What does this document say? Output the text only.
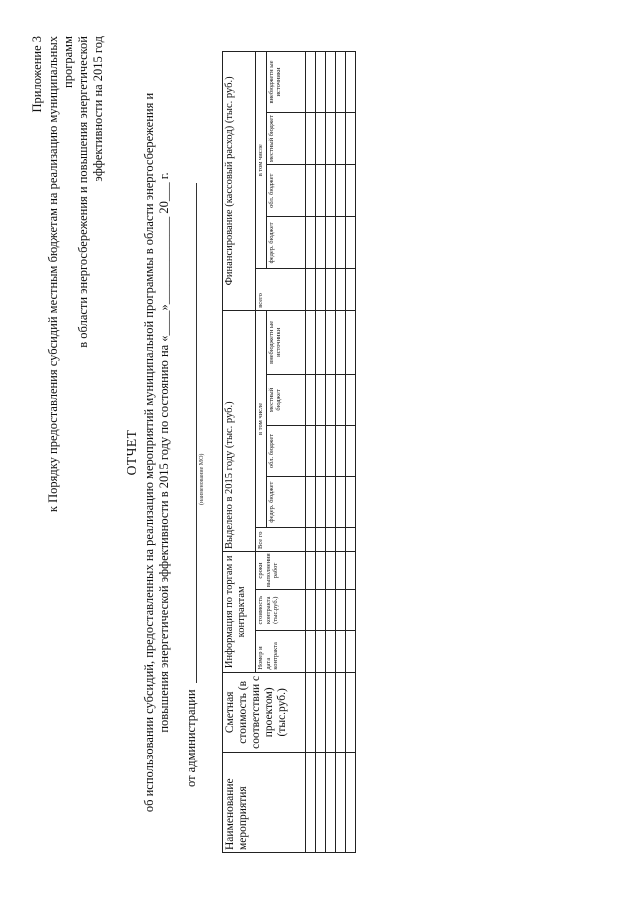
Приложение 3 к Порядку предоставления субсидий местным бюджетам на реализацию муниципальных программ в области энергосбережения и повышения энергетической эффективности на 2015 год
ОТЧЕТ об использовании субсидий, предоставленных на реализацию мероприятий муниципальной программы в области энергосбережения и повышения энергетической эффективности в 2015 году по состоянию на «____»______________ 20___ г.
от администрации
(наименование МО)
Наименование мероприятия	Сметная стоимость (в соответствии с проектом) (тыс.руб.)	Информация по торгам и контрактам			Выделено в 2015 году (тыс. руб.)					Финансирование (кассовый расход) (тыс. руб.)				
		Номер и дата контракта	стоимость контракта (тыс.руб.)	сроки выполнения работ	Все го	в том числе				всего	в том числе			
						федер. бюджет	обл. бюджет	местный бюджет	внебюджетн ые источники		федер. бюджет	обл. бюджет	местный бюджет	внебюджетн ые источники
